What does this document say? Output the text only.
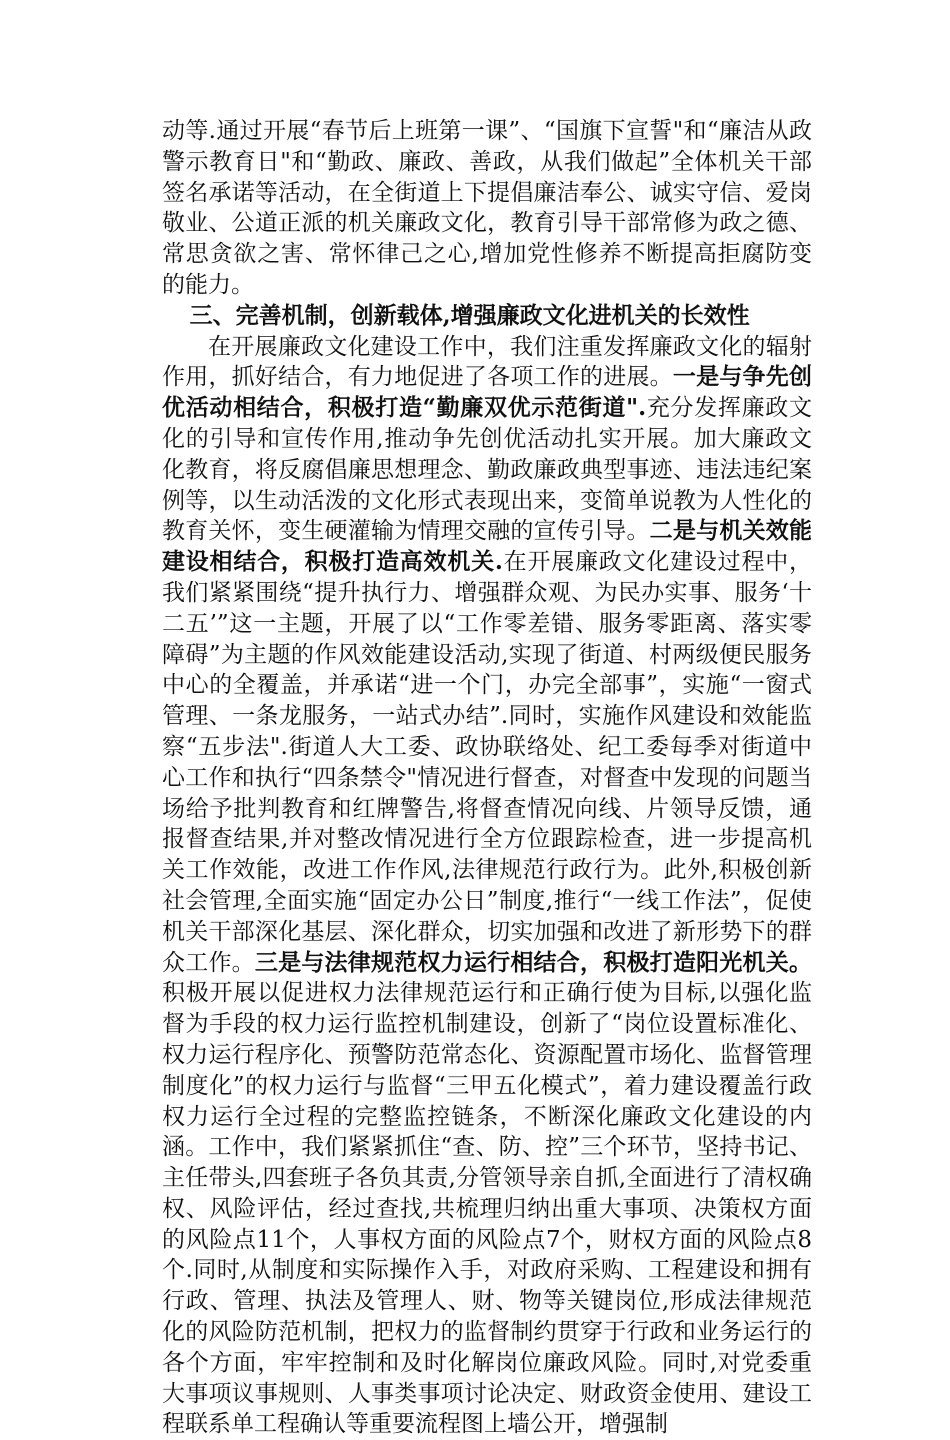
动等.通过开展“春节后上班第一课”、“国旗下宣誓"和“廉洁从政警示教育日"和“勤政、廉政、善政，从我们做起”全体机关干部签名承诺等活动，在全街道上下提倡廉洁奉公、诚实守信、爱岗敬业、公道正派的机关廉政文化，教育引导干部常修为政之德、常思贪欲之害、常怀律己之心,增加党性修养不断提高拒腐防变的能力。

三、完善机制，创新载体,增强廉政文化进机关的长效性

在开展廉政文化建设工作中，我们注重发挥廉政文化的辐射作用，抓好结合，有力地促进了各项工作的进展。一是与争先创优活动相结合，积极打造“勤廉双优示范街道".充分发挥廉政文化的引导和宣传作用,推动争先创优活动扎实开展。加大廉政文化教育，将反腐倡廉思想理念、勤政廉政典型事迹、违法违纪案例等，以生动活泼的文化形式表现出来，变简单说教为人性化的教育关怀，变生硬灌输为情理交融的宣传引导。二是与机关效能建设相结合，积极打造高效机关.在开展廉政文化建设过程中，我们紧紧围绕“提升执行力、增强群众观、为民办实事、服务‘十二五’”这一主题，开展了以“工作零差错、服务零距离、落实零障碍”为主题的作风效能建设活动,实现了街道、村两级便民服务中心的全覆盖，并承诺“进一个门，办完全部事”，实施“一窗式管理、一条龙服务，一站式办结”.同时，实施作风建设和效能监察“五步法".街道人大工委、政协联络处、纪工委每季对街道中心工作和执行“四条禁令"情况进行督查，对督查中发现的问题当场给予批判教育和红牌警告,将督查情况向线、片领导反馈，通报督查结果,并对整改情况进行全方位跟踪检查，进一步提高机关工作效能，改进工作作风,法律规范行政行为。此外,积极创新社会管理,全面实施“固定办公日”制度,推行“一线工作法”，促使机关干部深化基层、深化群众，切实加强和改进了新形势下的群众工作。三是与法律规范权力运行相结合，积极打造阳光机关。积极开展以促进权力法律规范运行和正确行使为目标,以强化监督为手段的权力运行监控机制建设，创新了“岗位设置标准化、权力运行程序化、预警防范常态化、资源配置市场化、监督管理制度化”的权力运行与监督“三甲五化模式”，着力建设覆盖行政权力运行全过程的完整监控链条，不断深化廉政文化建设的内涵。工作中，我们紧紧抓住“查、防、控”三个环节，坚持书记、主任带头,四套班子各负其责,分管领导亲自抓,全面进行了清权确权、风险评估，经过查找,共梳理归纳出重大事项、决策权方面的风险点11个，人事权方面的风险点7个，财权方面的风险点8个.同时,从制度和实际操作入手，对政府采购、工程建设和拥有行政、管理、执法及管理人、财、物等关键岗位,形成法律规范化的风险防范机制，把权力的监督制约贯穿于行政和业务运行的各个方面，牢牢控制和及时化解岗位廉政风险。同时,对党委重大事项议事规则、人事类事项讨论决定、财政资金使用、建设工程联系单工程确认等重要流程图上墙公开，增强制
